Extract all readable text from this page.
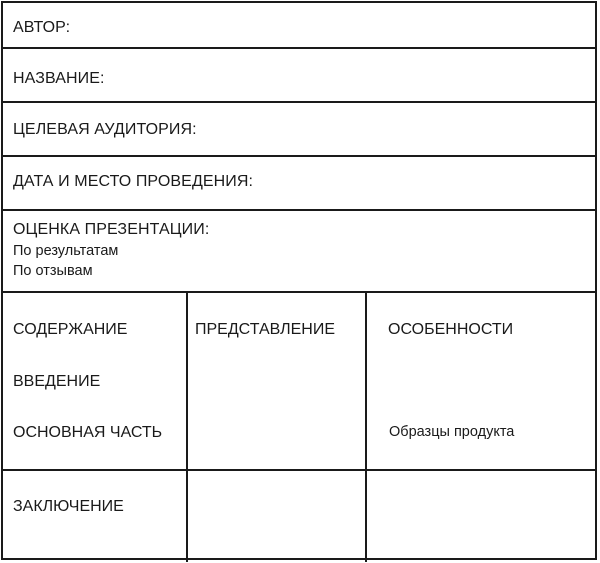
АВТОР:
НАЗВАНИЕ:
ЦЕЛЕВАЯ АУДИТОРИЯ:
ДАТА И МЕСТО ПРОВЕДЕНИЯ:
ОЦЕНКА ПРЕЗЕНТАЦИИ:
По результатам
По отзывам
СОДЕРЖАНИЕ
ВВЕДЕНИЕ
ОСНОВНАЯ ЧАСТЬ
ЗАКЛЮЧЕНИЕ
ПРЕДСТАВЛЕНИЕ	ОСОБЕННОСТИ
Образцы продукта
